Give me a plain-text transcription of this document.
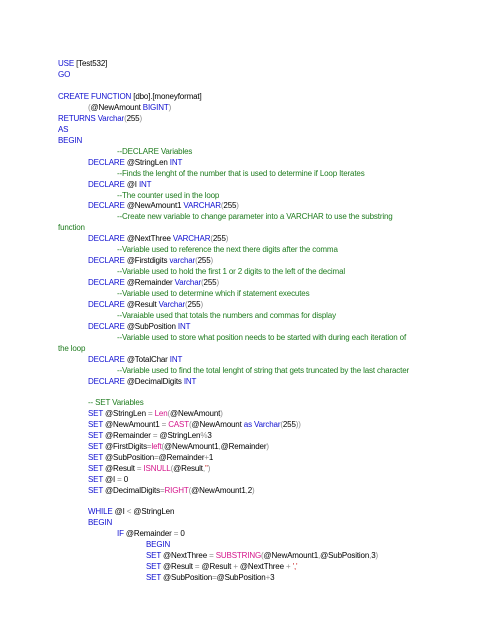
USE [Test532]
GO
CREATE FUNCTION [dbo].[moneyformat]
(@NewAmount BIGINT)
RETURNS Varchar(255)
AS
BEGIN
--DECLARE Variables
DECLARE @StringLen INT
--Finds the lenght of the number that is used to determine if Loop Iterates
DECLARE @I INT
--The counter used in the loop
DECLARE @NewAmount1 VARCHAR(255)
--Create new variable to change parameter into a VARCHAR to use the substring
function
DECLARE @NextThree VARCHAR(255)
--Variable used to reference the next there digits after the comma
DECLARE @Firstdigits varchar(255)
--Variable used to hold the first 1 or 2 digits to the left of the decimal
DECLARE @Remainder Varchar(255)
--Variable used to determine which if statement executes
DECLARE @Result Varchar(255)
--Varaiable used that totals the numbers and commas for display
DECLARE @SubPosition INT
--Variable used to store what position needs to be started with during each iteration of
the loop
DECLARE @TotalChar INT
--Variable used to find the total lenght of string that gets truncated by the last character
DECLARE @DecimalDigits INT
-- SET Variables
SET @StringLen = Len(@NewAmount)
SET @NewAmount1 = CAST(@NewAmount as Varchar(255))
SET @Remainder = @StringLen%3
SET @FirstDigits=left(@NewAmount1,@Remainder)
SET @SubPosition=@Remainder+1
SET @Result = ISNULL(@Result,'')
SET @I = 0
SET @DecimalDigits=RIGHT(@NewAmount1,2)
WHILE @I < @StringLen
BEGIN
IF @Remainder = 0
BEGIN
SET @NextThree = SUBSTRING(@NewAmount1,@SubPosition,3)
SET @Result = @Result + @NextThree + ','
SET @SubPosition=@SubPosition+3
